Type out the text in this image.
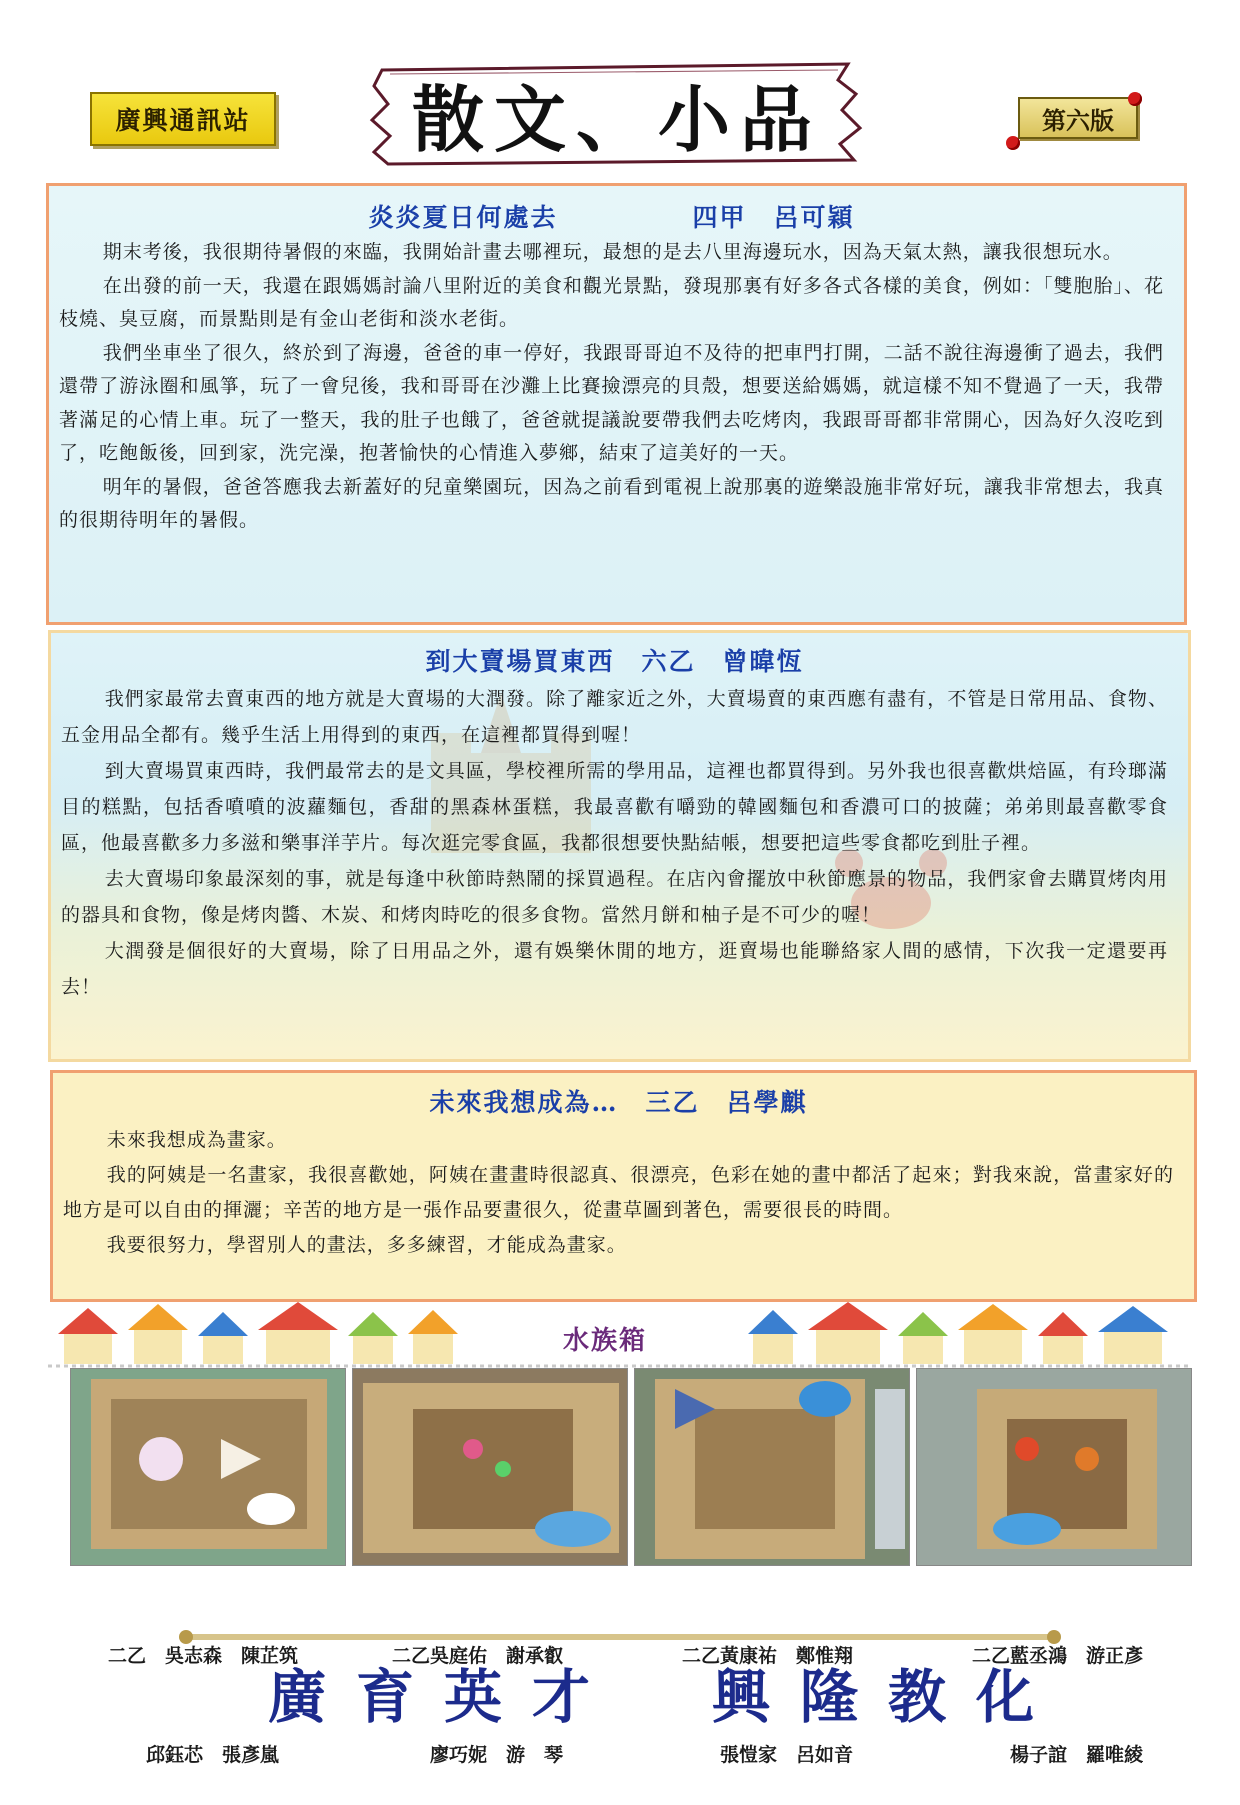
廣興通訊站 散文、小品	第六版
炎炎夏日何處去　　　　　四甲　呂可穎

期末考後，我很期待暑假的來臨，我開始計畫去哪裡玩，最想的是去八里海邊玩水，因為天氣太熱，讓我很想玩水。

在出發的前一天，我還在跟媽媽討論八里附近的美食和觀光景點，發現那裏有好多各式各樣的美食，例如：「雙胞胎」、花枝燒、臭豆腐，而景點則是有金山老街和淡水老街。

我們坐車坐了很久，終於到了海邊，爸爸的車一停好，我跟哥哥迫不及待的把車門打開，二話不說往海邊衝了過去，我們還帶了游泳圈和風箏，玩了一會兒後，我和哥哥在沙灘上比賽撿漂亮的貝殼，想要送給媽媽，就這樣不知不覺過了一天，我帶著滿足的心情上車。玩了一整天，我的肚子也餓了，爸爸就提議說要帶我們去吃烤肉，我跟哥哥都非常開心，因為好久沒吃到了，吃飽飯後，回到家，洗完澡，抱著愉快的心情進入夢鄉，結束了這美好的一天。

明年的暑假，爸爸答應我去新蓋好的兒童樂園玩，因為之前看到電視上說那裏的遊樂設施非常好玩，讓我非常想去，我真的很期待明年的暑假。

到大賣場買東西　六乙　曾暐恆

我們家最常去賣東西的地方就是大賣場的大潤發。除了離家近之外，大賣場賣的東西應有盡有，不管是日常用品、食物、五金用品全都有。幾乎生活上用得到的東西，在這裡都買得到喔！

到大賣場買東西時，我們最常去的是文具區，學校裡所需的學用品，這裡也都買得到。另外我也很喜歡烘焙區，有玲瑯滿目的糕點，包括香噴噴的波蘿麵包，香甜的黑森林蛋糕，我最喜歡有嚼勁的韓國麵包和香濃可口的披薩；弟弟則最喜歡零食區，他最喜歡多力多滋和樂事洋芋片。每次逛完零食區，我都很想要快點結帳，想要把這些零食都吃到肚子裡。

去大賣場印象最深刻的事，就是每逢中秋節時熱鬧的採買過程。在店內會擺放中秋節應景的物品，我們家會去購買烤肉用的器具和食物，像是烤肉醬、木炭、和烤肉時吃的很多食物。當然月餅和柚子是不可少的喔！

大潤發是個很好的大賣場，除了日用品之外，還有娛樂休閒的地方，逛賣場也能聯絡家人間的感情，下次我一定還要再去！

未來我想成為…　三乙　呂學麒

未來我想成為畫家。

我的阿姨是一名畫家，我很喜歡她，阿姨在畫畫時很認真、很漂亮，色彩在她的畫中都活了起來；對我來說，當畫家好的地方是可以自由的揮灑；辛苦的地方是一張作品要畫很久，從畫草圖到著色，需要很長的時間。

我要很努力，學習別人的畫法，多多練習，才能成為畫家。

水族箱

二乙　吳志森　陳芷筑

　　邱鈺芯　張彥嵐

二乙吳庭佑　謝承叡

　　廖巧妮　游　琴

二乙黃康祐　鄭惟翔

　　張愷家　呂如音

二乙藍丞鴻　游正彥

　　楊子誼　羅唯綾

廣育英才 興隆教化
